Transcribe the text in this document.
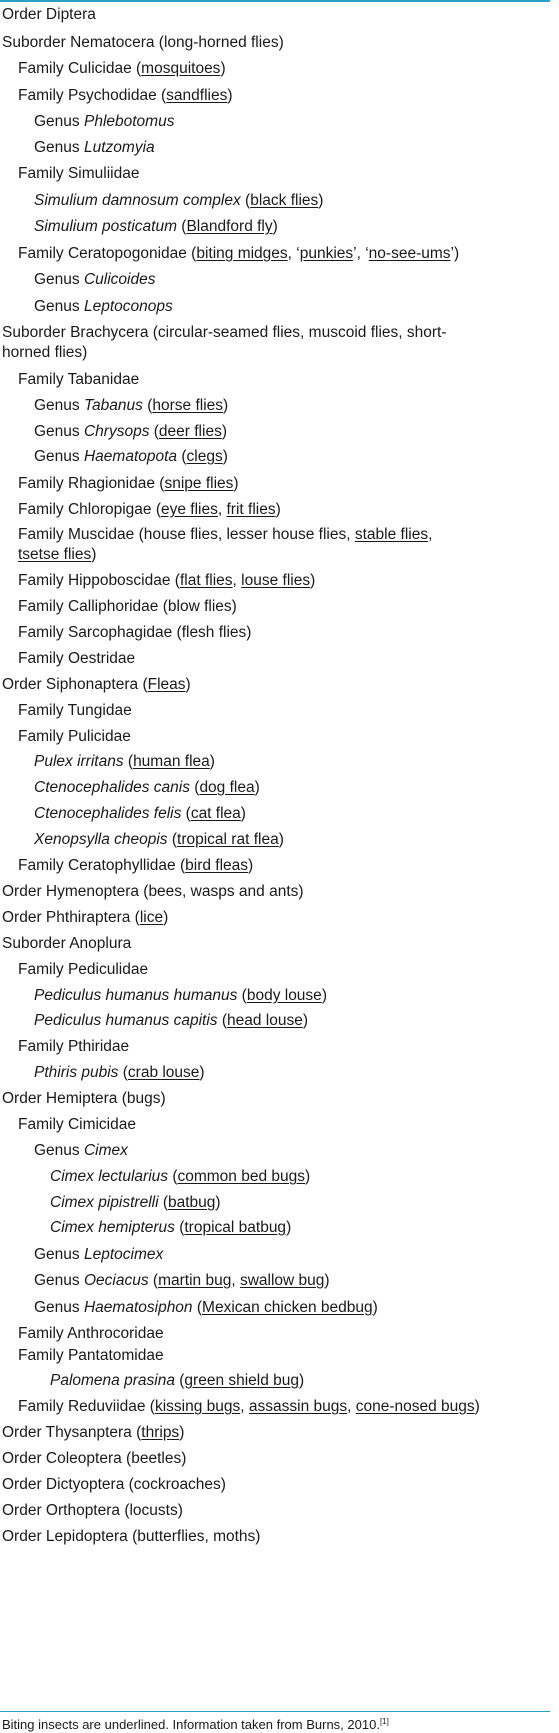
Order Diptera
Suborder Nematocera (long-horned flies)
Family Culicidae (mosquitoes)
Family Psychodidae (sandflies)
Genus Phlebotomus
Genus Lutzomyia
Family Simuliidae
Simulium damnosum complex (black flies)
Simulium posticatum (Blandford fly)
Family Ceratopogonidae (biting midges, ‘punkies’, ‘no-see-ums’)
Genus Culicoides
Genus Leptoconops
Suborder Brachycera (circular-seamed flies, muscoid flies, short-
horned flies)
Family Tabanidae
Genus Tabanus (horse flies)
Genus Chrysops (deer flies)
Genus Haematopota (clegs)
Family Rhagionidae (snipe flies)
Family Chloropigae (eye flies, frit flies)
Family Muscidae (house flies, lesser house flies, stable flies,
tsetse flies)
Family Hippoboscidae (flat flies, louse flies)
Family Calliphoridae (blow flies)
Family Sarcophagidae (flesh flies)
Family Oestridae
Order Siphonaptera (Fleas)
Family Tungidae
Family Pulicidae
Pulex irritans (human flea)
Ctenocephalides canis (dog flea)
Ctenocephalides felis (cat flea)
Xenopsylla cheopis (tropical rat flea)
Family Ceratophyllidae (bird fleas)
Order Hymenoptera (bees, wasps and ants)
Order Phthiraptera (lice)
Suborder Anoplura
Family Pediculidae
Pediculus humanus humanus (body louse)
Pediculus humanus capitis (head louse)
Family Pthiridae
Pthiris pubis (crab louse)
Order Hemiptera (bugs)
Family Cimicidae
Genus Cimex
Cimex lectularius (common bed bugs)
Cimex pipistrelli (batbug)
Cimex hemipterus (tropical batbug)
Genus Leptocimex
Genus Oeciacus (martin bug, swallow bug)
Genus Haematosiphon (Mexican chicken bedbug)
Family Anthrocoridae
Family Pantatomidae
Palomena prasina (green shield bug)
Family Reduviidae (kissing bugs, assassin bugs, cone-nosed bugs)
Order Thysanptera (thrips)
Order Coleoptera (beetles)
Order Dictyoptera (cockroaches)
Order Orthoptera (locusts)
Order Lepidoptera (butterflies, moths)
Biting insects are underlined. Information taken from Burns, 2010.[1]
